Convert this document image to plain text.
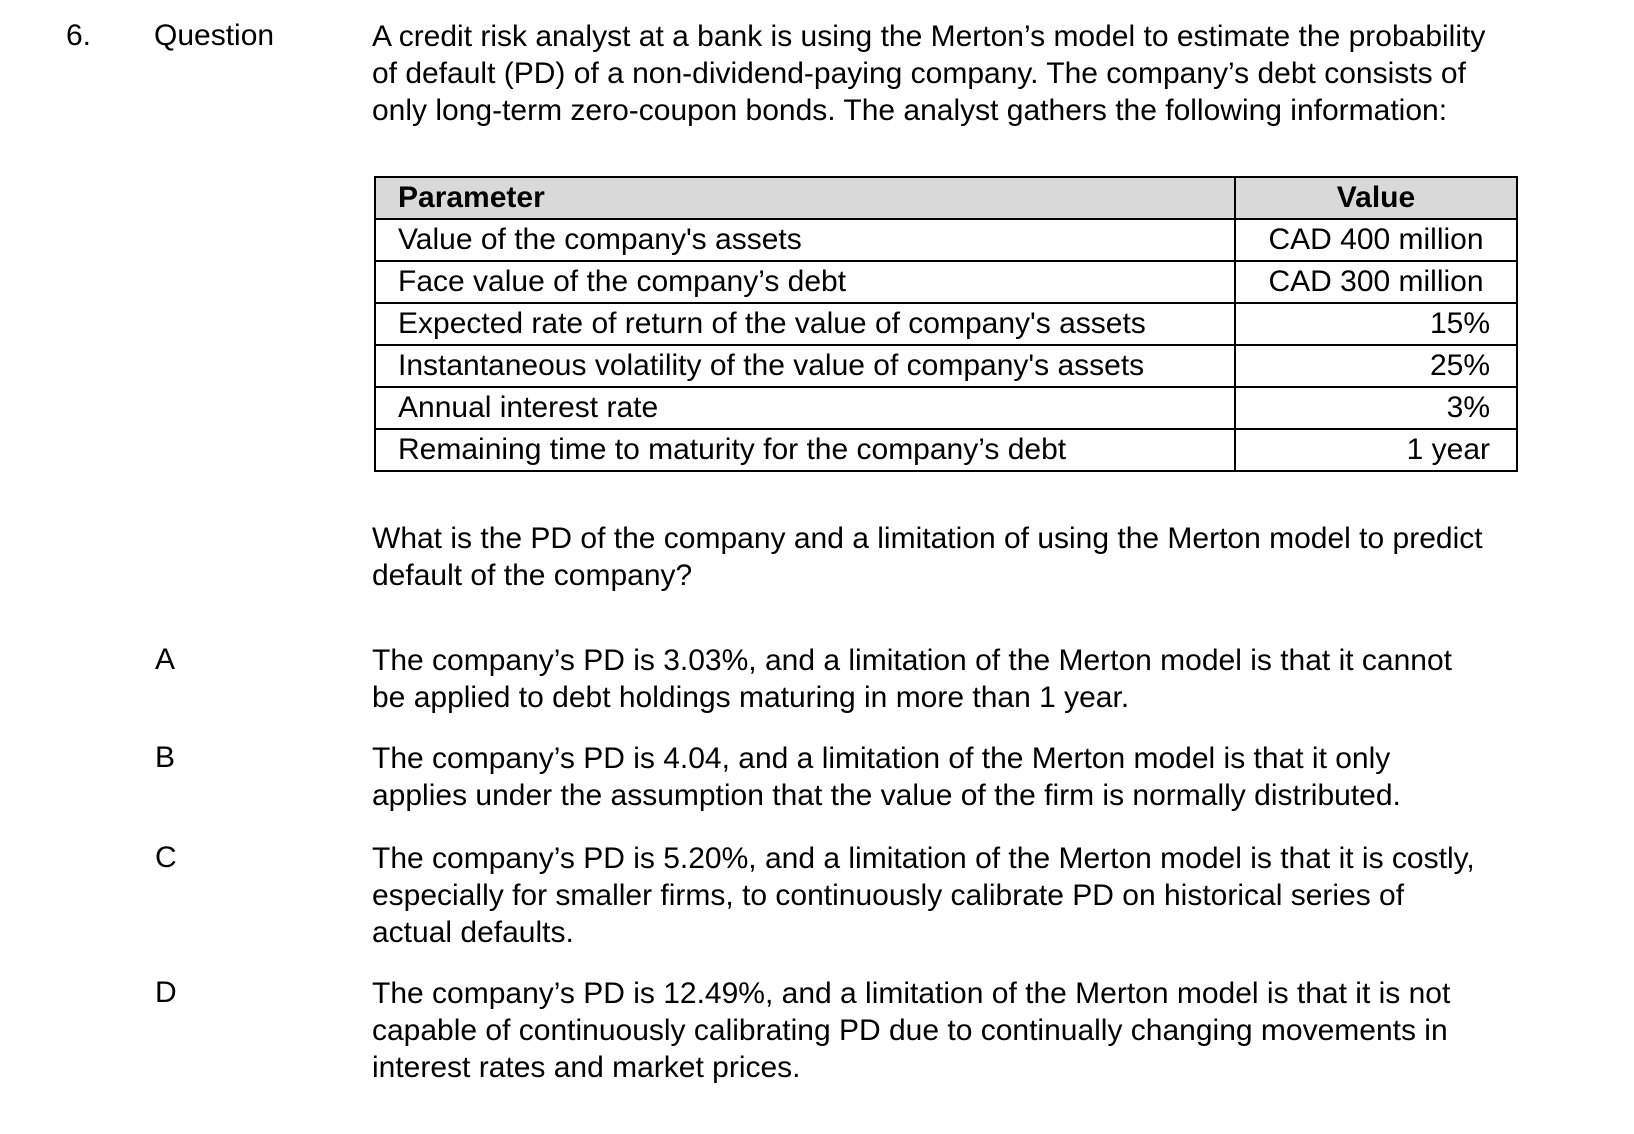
6. Question	A credit risk analyst at a bank is using the Merton’s model to estimate the probability
of default (PD) of a non-dividend-paying company. The company’s debt consists of
only long-term zero-coupon bonds. The analyst gathers the following information:
Parameter	Value
Value of the company's assets	CAD 400 million
Face value of the company’s debt	CAD 300 million
Expected rate of return of the value of company's assets	15%
Instantaneous volatility of the value of company's assets	25%
Annual interest rate	3%
Remaining time to maturity for the company’s debt	1 year
What is the PD of the company and a limitation of using the Merton model to predict
default of the company?
A	The company’s PD is 3.03%, and a limitation of the Merton model is that it cannot
be applied to debt holdings maturing in more than 1 year.
B	The company’s PD is 4.04, and a limitation of the Merton model is that it only
applies under the assumption that the value of the firm is normally distributed.
C	The company’s PD is 5.20%, and a limitation of the Merton model is that it is costly,
especially for smaller firms, to continuously calibrate PD on historical series of
actual defaults.
D	The company’s PD is 12.49%, and a limitation of the Merton model is that it is not
capable of continuously calibrating PD due to continually changing movements in
interest rates and market prices.
